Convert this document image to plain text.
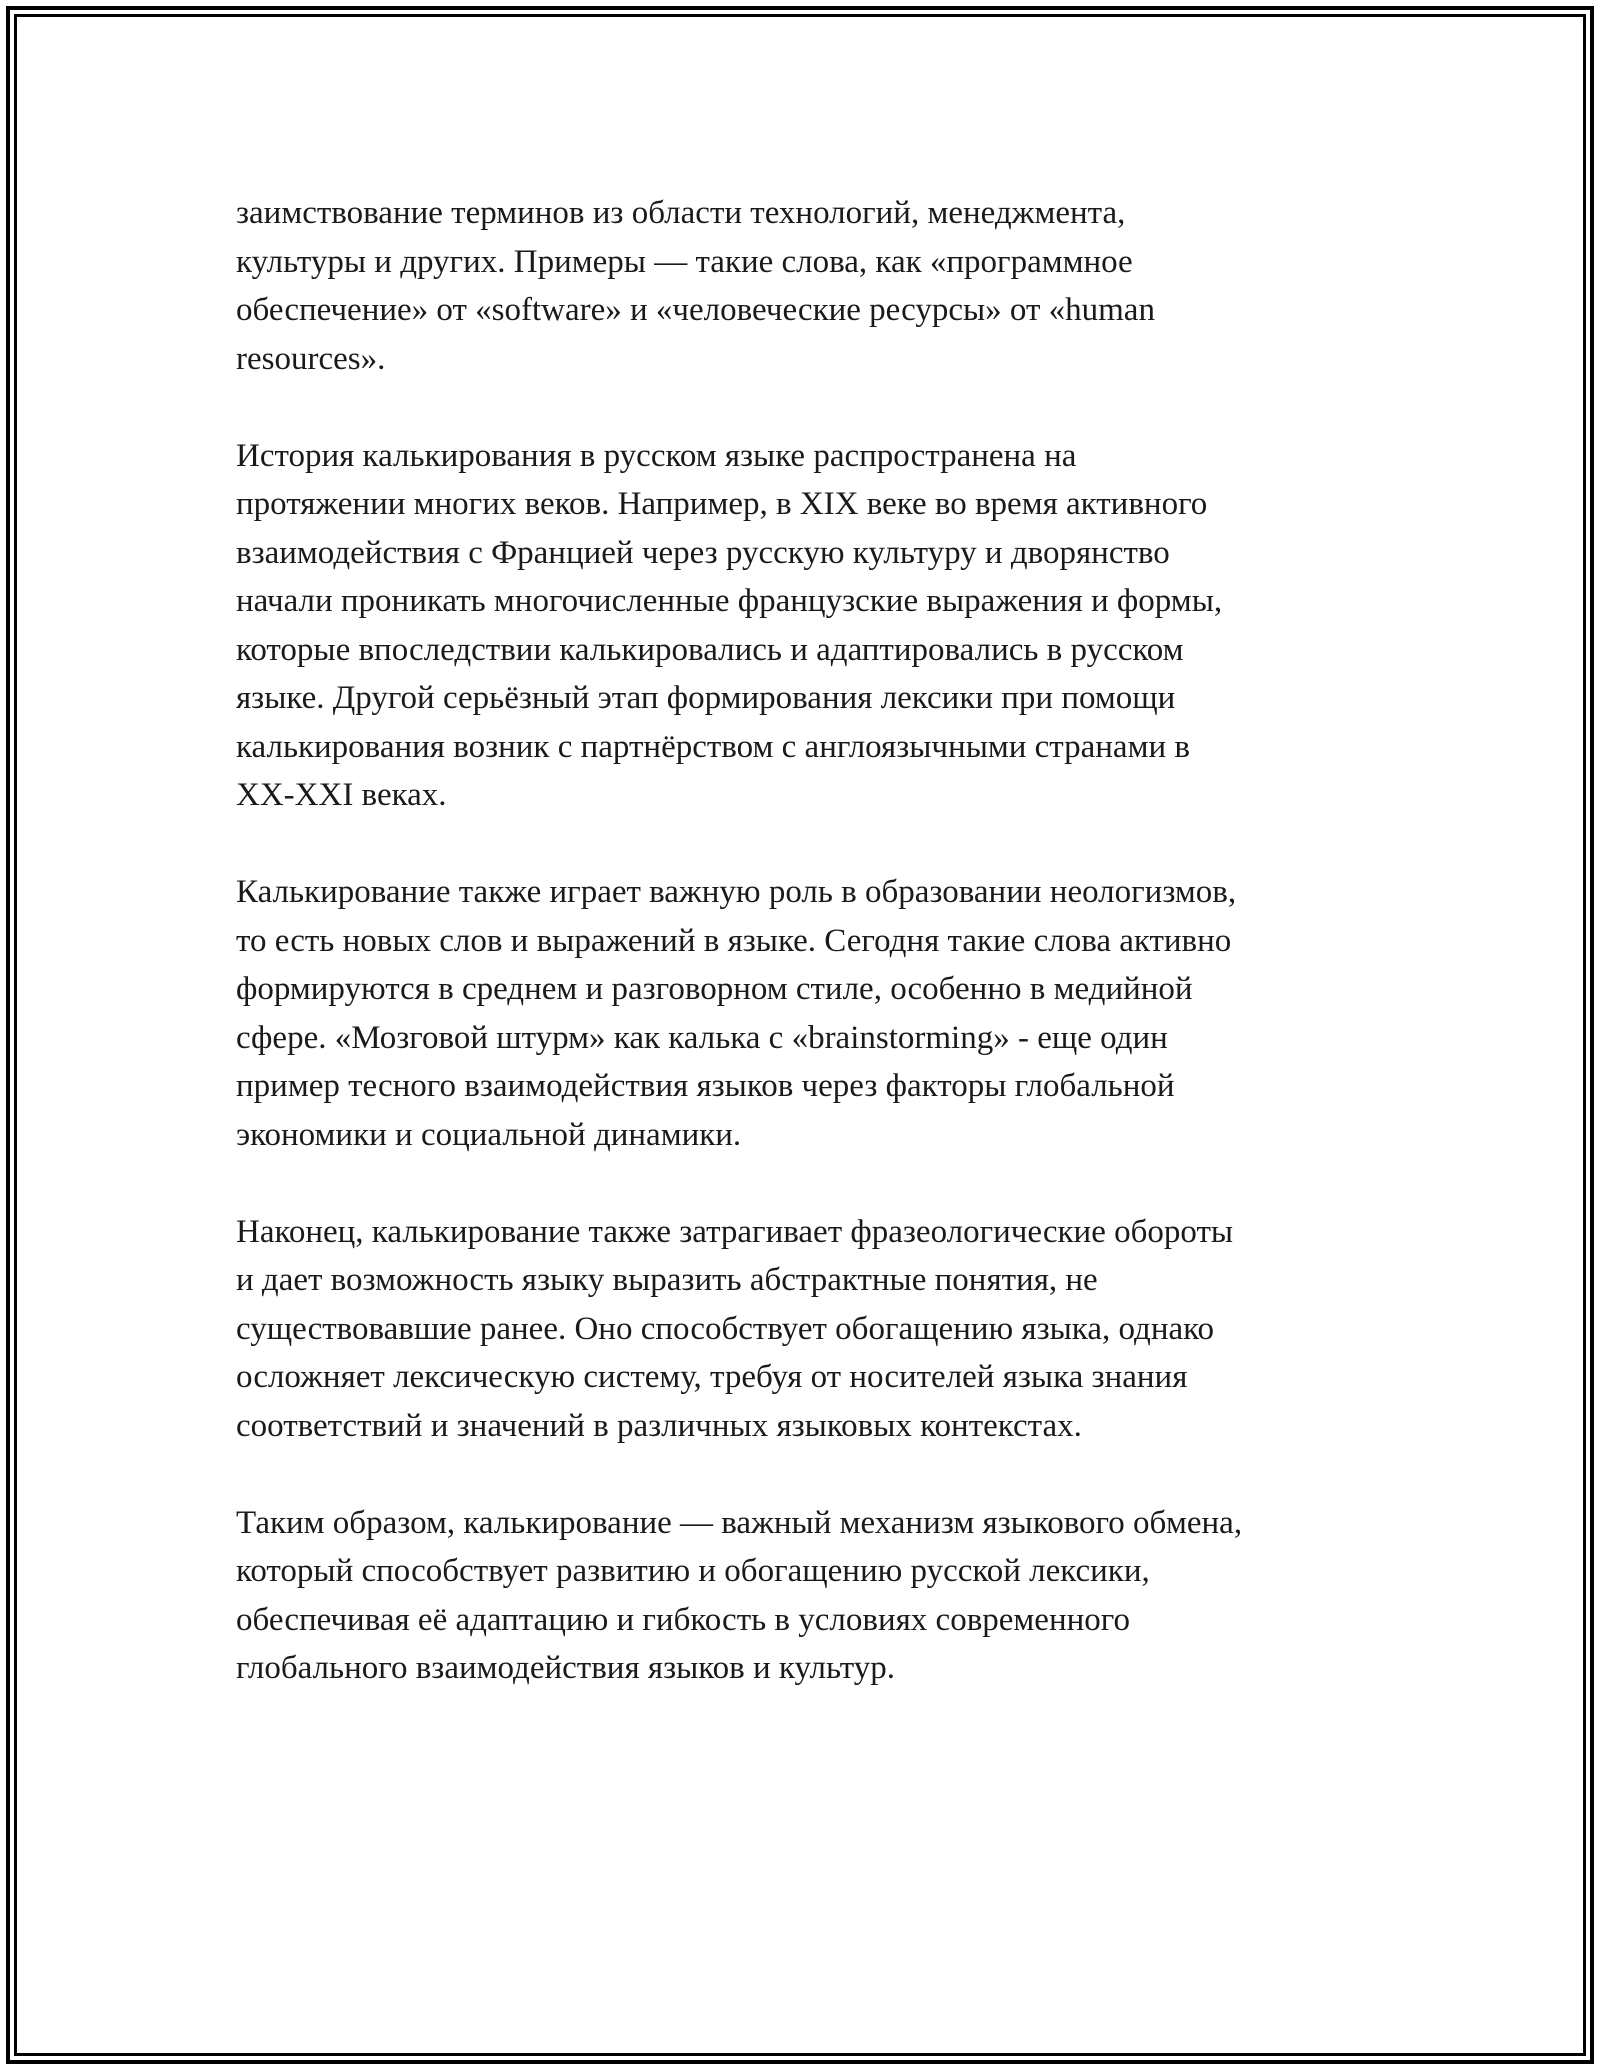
заимствование терминов из области технологий, менеджмента,
культуры и других. Примеры — такие слова, как «программное
обеспечение» от «software» и «человеческие ресурсы» от «human
resources».

История калькирования в русском языке распространена на
протяжении многих веков. Например, в XIX веке во время активного
взаимодействия с Францией через русскую культуру и дворянство
начали проникать многочисленные французские выражения и формы,
которые впоследствии калькировались и адаптировались в русском
языке. Другой серьёзный этап формирования лексики при помощи
калькирования возник с партнёрством с англоязычными странами в
XX-XXI веках.

Калькирование также играет важную роль в образовании неологизмов,
то есть новых слов и выражений в языке. Сегодня такие слова активно
формируются в среднем и разговорном стиле, особенно в медийной
сфере. «Мозговой штурм» как калька с «brainstorming» - еще один
пример тесного взаимодействия языков через факторы глобальной
экономики и социальной динамики.

Наконец, калькирование также затрагивает фразеологические обороты
и дает возможность языку выразить абстрактные понятия, не
существовавшие ранее. Оно способствует обогащению языка, однако
осложняет лексическую систему, требуя от носителей языка знания
соответствий и значений в различных языковых контекстах.

Таким образом, калькирование — важный механизм языкового обмена,
который способствует развитию и обогащению русской лексики,
обеспечивая её адаптацию и гибкость в условиях современного
глобального взаимодействия языков и культур.
